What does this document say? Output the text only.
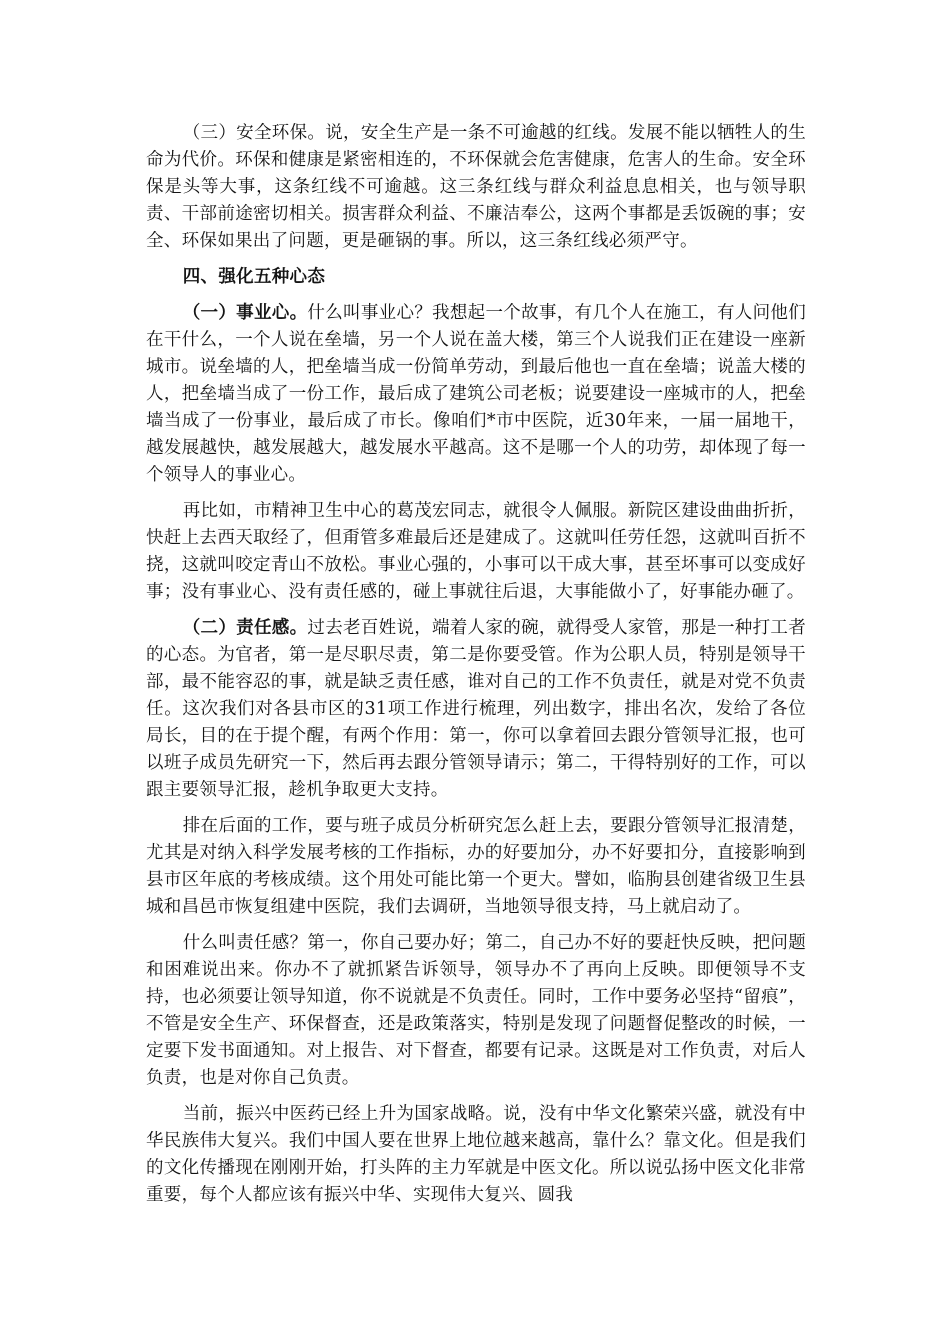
（三）安全环保。说，安全生产是一条不可逾越的红线。发展不能以牺牲人的生命为代价。环保和健康是紧密相连的，不环保就会危害健康，危害人的生命。安全环保是头等大事，这条红线不可逾越。这三条红线与群众利益息息相关，也与领导职责、干部前途密切相关。损害群众利益、不廉洁奉公，这两个事都是丢饭碗的事；安全、环保如果出了问题，更是砸锅的事。所以，这三条红线必须严守。

四、强化五种心态

（一）事业心。什么叫事业心？我想起一个故事，有几个人在施工，有人问他们在干什么，一个人说在垒墙，另一个人说在盖大楼，第三个人说我们正在建设一座新城市。说垒墙的人，把垒墙当成一份简单劳动，到最后他也一直在垒墙；说盖大楼的人，把垒墙当成了一份工作，最后成了建筑公司老板；说要建设一座城市的人，把垒墙当成了一份事业，最后成了市长。像咱们*市中医院，近30年来，一届一届地干，越发展越快，越发展越大，越发展水平越高。这不是哪一个人的功劳，却体现了每一个领导人的事业心。

再比如，市精神卫生中心的葛茂宏同志，就很令人佩服。新院区建设曲曲折折，快赶上去西天取经了，但甭管多难最后还是建成了。这就叫任劳任怨，这就叫百折不挠，这就叫咬定青山不放松。事业心强的，小事可以干成大事，甚至坏事可以变成好事；没有事业心、没有责任感的，碰上事就往后退，大事能做小了，好事能办砸了。

（二）责任感。过去老百姓说，端着人家的碗，就得受人家管，那是一种打工者的心态。为官者，第一是尽职尽责，第二是你要受管。作为公职人员，特别是领导干部，最不能容忍的事，就是缺乏责任感，谁对自己的工作不负责任，就是对党不负责任。这次我们对各县市区的31项工作进行梳理，列出数字，排出名次，发给了各位局长，目的在于提个醒，有两个作用：第一，你可以拿着回去跟分管领导汇报，也可以班子成员先研究一下，然后再去跟分管领导请示；第二，干得特别好的工作，可以跟主要领导汇报，趁机争取更大支持。

排在后面的工作，要与班子成员分析研究怎么赶上去，要跟分管领导汇报清楚，尤其是对纳入科学发展考核的工作指标，办的好要加分，办不好要扣分，直接影响到县市区年底的考核成绩。这个用处可能比第一个更大。譬如，临朐县创建省级卫生县城和昌邑市恢复组建中医院，我们去调研，当地领导很支持，马上就启动了。

什么叫责任感？第一，你自己要办好；第二，自己办不好的要赶快反映，把问题和困难说出来。你办不了就抓紧告诉领导，领导办不了再向上反映。即便领导不支持，也必须要让领导知道，你不说就是不负责任。同时，工作中要务必坚持“留痕”，不管是安全生产、环保督查，还是政策落实，特别是发现了问题督促整改的时候，一定要下发书面通知。对上报告、对下督查，都要有记录。这既是对工作负责，对后人负责，也是对你自己负责。

当前，振兴中医药已经上升为国家战略。说，没有中华文化繁荣兴盛，就没有中华民族伟大复兴。我们中国人要在世界上地位越来越高，靠什么？靠文化。但是我们的文化传播现在刚刚开始，打头阵的主力军就是中医文化。所以说弘扬中医文化非常重要，每个人都应该有振兴中华、实现伟大复兴、圆我
